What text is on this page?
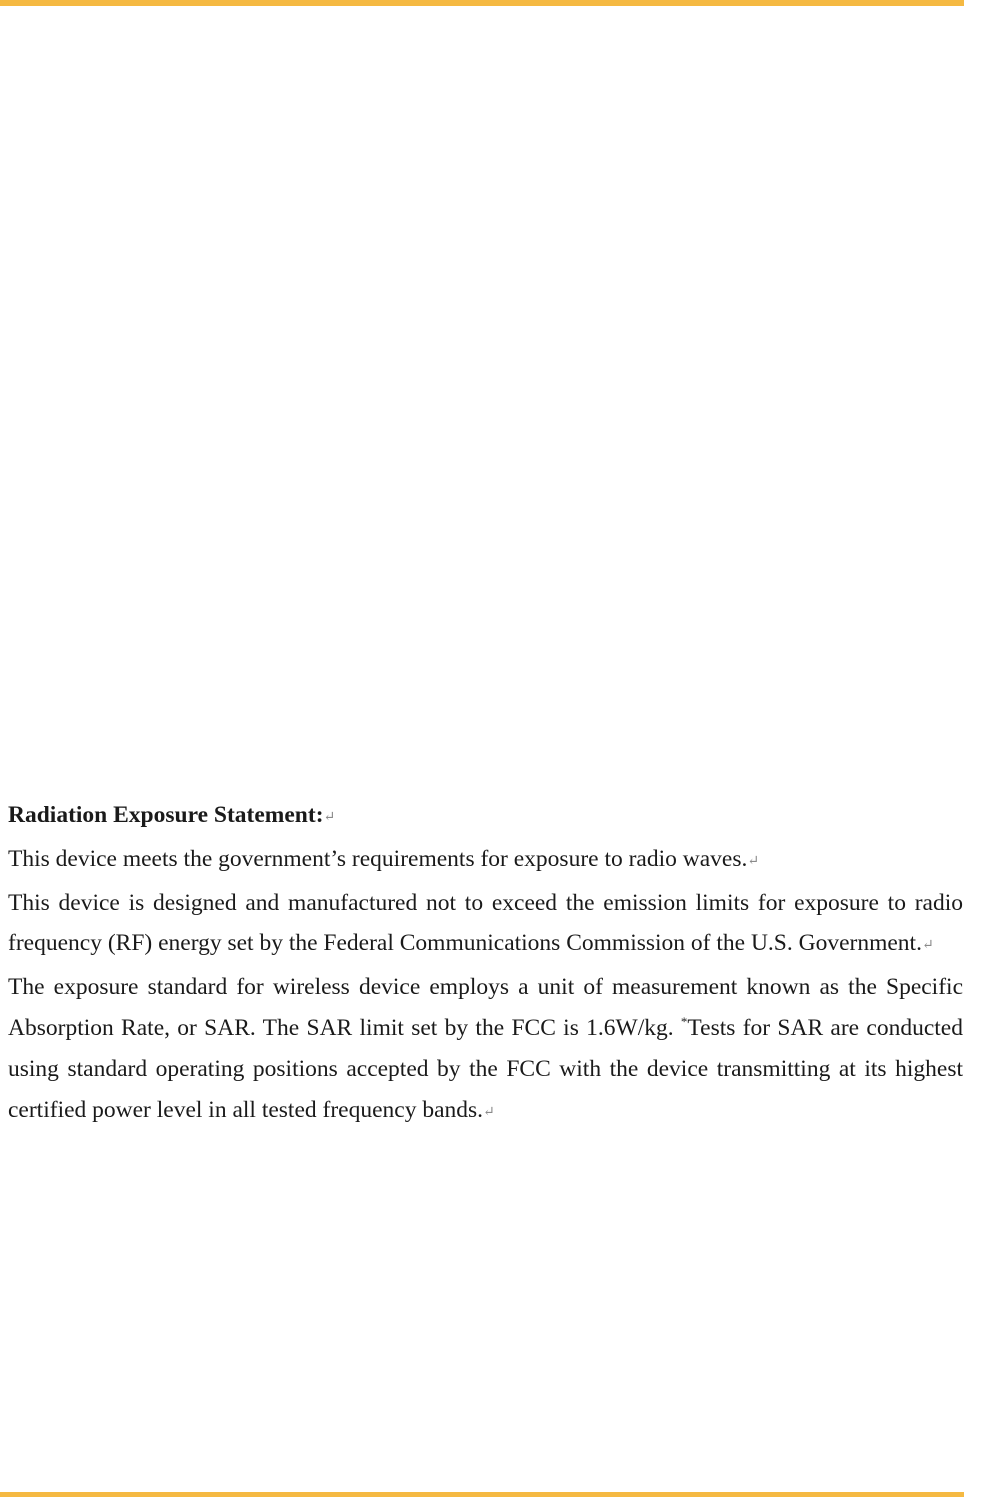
Radiation Exposure Statement:↵

This device meets the government’s requirements for exposure to radio waves.↵

This device is designed and manufactured not to exceed the emission limits for exposure to radio frequency (RF) energy set by the Federal Communications Commission of the U.S. Government.↵

The exposure standard for wireless device employs a unit of measurement known as the Specific Absorption Rate, or SAR. The SAR limit set by the FCC is 1.6W/kg. *Tests for SAR are conducted using standard operating positions accepted by the FCC with the device transmitting at its highest certified power level in all tested frequency bands.↵
